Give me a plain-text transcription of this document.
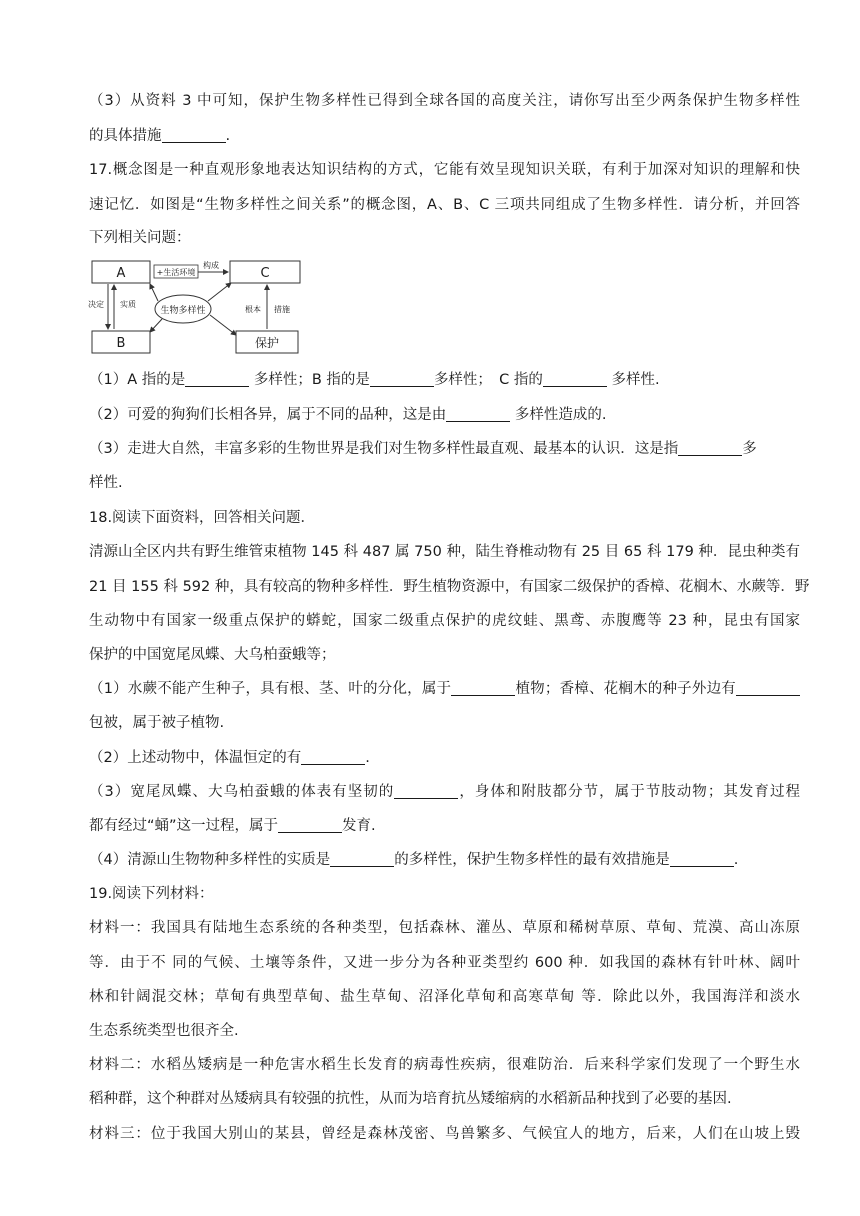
（3）从资料 3 中可知，保护生物多样性已得到全球各国的高度关注，请你写出至少两条保护生物多样性
的具体措施	.
17.概念图是一种直观形象地表达知识结构的方式，它能有效呈现知识关联，有利于加深对知识的理解和快
速记忆．如图是“生物多样性之间关系”的概念图，A、B、C 三项共同组成了生物多样性．请分析，并回答
下列相关问题：
A
B
C
保护
生物多样性
+生活环境
构成
决定 实质
根本 措施
（1）A 指的是	多样性；B 指的是	多样性；　C 指的	多样性.
（2）可爱的狗狗们长相各异，属于不同的品种，这是由	多样性造成的.
（3）走进大自然，丰富多彩的生物世界是我们对生物多样性最直观、最基本的认识．这是指	多
样性.
18.阅读下面资料，回答相关问题．
清源山全区内共有野生维管束植物 145 科 487 属 750 种，陆生脊椎动物有 25 目 65 科 179 种．昆虫种类有
21 目 155 科 592 种，具有较高的物种多样性．野生植物资源中，有国家二级保护的香樟、花榈木、水蕨等．野
生动物中有国家一级重点保护的蟒蛇，国家二级重点保护的虎纹蛙、黑鸢、赤腹鹰等 23 种，昆虫有国家
保护的中国宽尾凤蝶、大乌柏蚕蛾等；
（1）水蕨不能产生种子，具有根、茎、叶的分化，属于	植物；香樟、花榈木的种子外边有
包被，属于被子植物.
（2）上述动物中，体温恒定的有	.
（3）宽尾凤蝶、大乌柏蚕蛾的体表有坚韧的	，身体和附肢都分节，属于节肢动物；其发育过程
都有经过“蛹”这一过程，属于	发育.
（4）清源山生物物种多样性的实质是	的多样性，保护生物多样性的最有效措施是	.
19.阅读下列材料：
材料一：我国具有陆地生态系统的各种类型，包括森林、灌丛、草原和稀树草原、草甸、荒漠、高山冻原
等．由于不 同的气候、土壤等条件，又进一步分为各种亚类型约 600 种．如我国的森林有针叶林、阔叶
林和针阔混交林；草甸有典型草甸、盐生草甸、沼泽化草甸和高寒草甸 等．除此以外，我国海洋和淡水
生态系统类型也很齐全.
材料二：水稻丛矮病是一种危害水稻生长发育的病毒性疾病，很难防治．后来科学家们发现了一个野生水
稻种群，这个种群对丛矮病具有较强的抗性，从而为培育抗丛矮缩病的水稻新品种找到了必要的基因.
材料三：位于我国大别山的某县，曾经是森林茂密、鸟兽繁多、气候宜人的地方，后来，人们在山坡上毁
